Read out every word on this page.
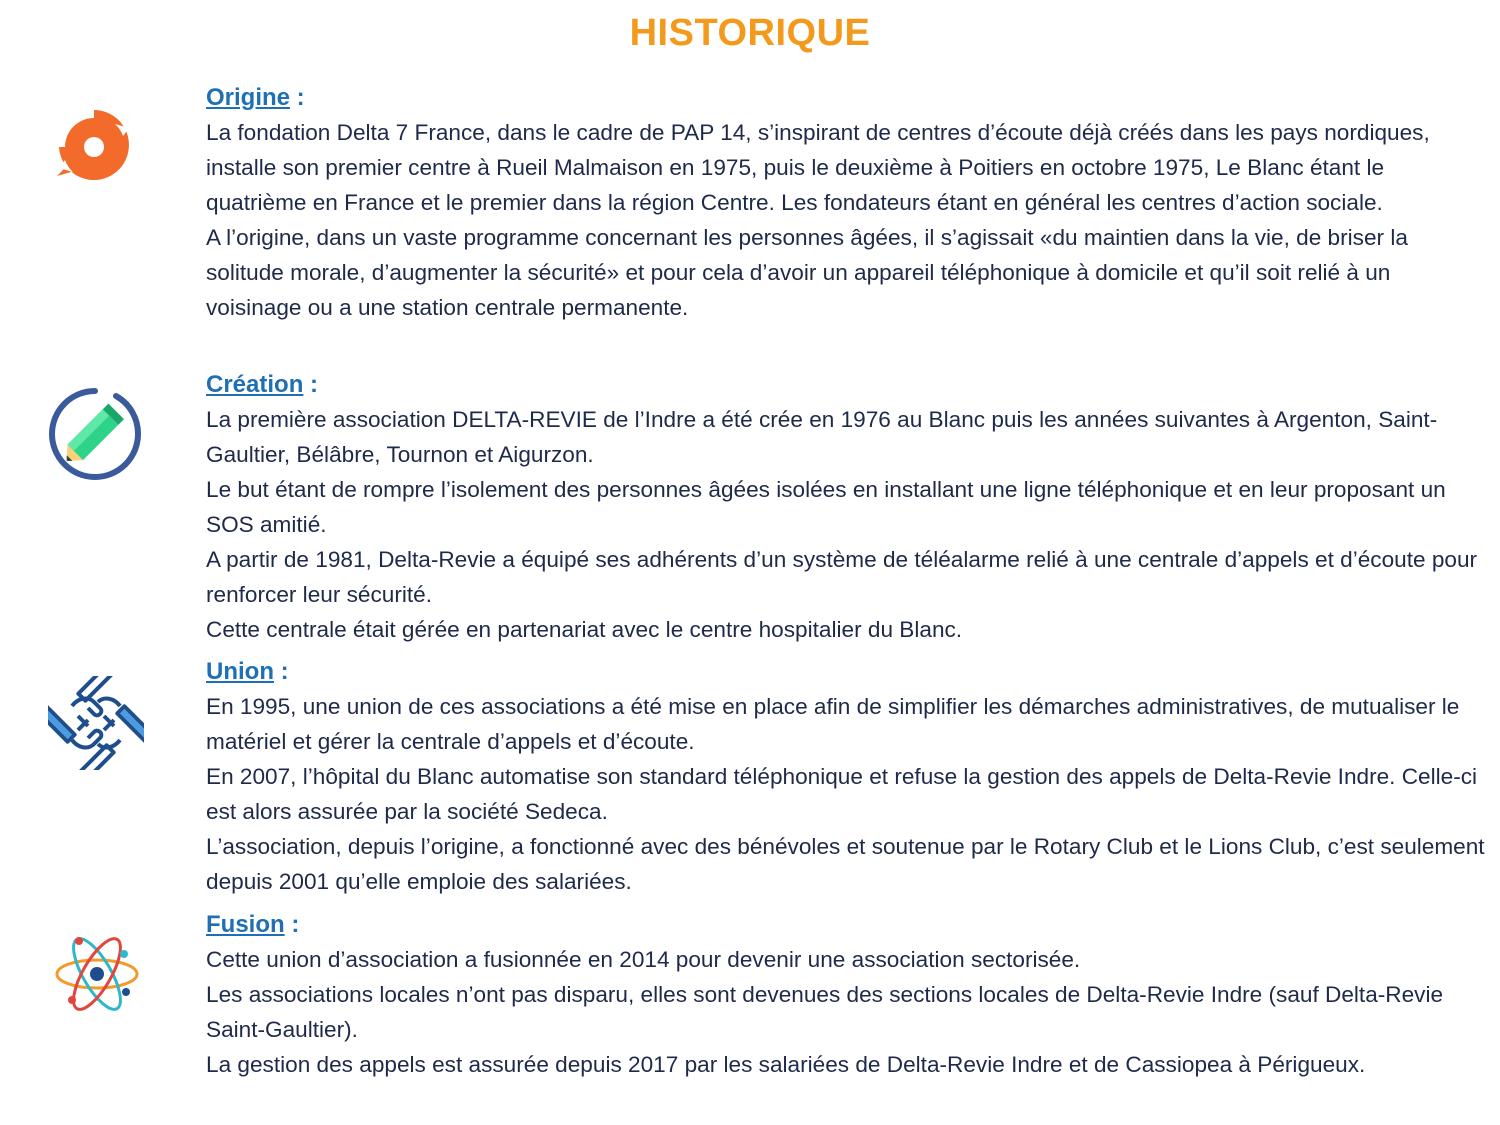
HISTORIQUE
Origine :

La fondation Delta 7 France, dans le cadre de PAP 14, s’inspirant de centres d’écoute déjà créés dans les pays nordiques, installe son premier centre à Rueil Malmaison en 1975, puis le deuxième à Poitiers en octobre 1975, Le Blanc étant le quatrième en France et le premier dans la région Centre. Les fondateurs étant en général les centres d’action sociale.

A l’origine, dans un vaste programme concernant les personnes âgées, il s’agissait «du maintien dans la vie, de briser la solitude morale, d’augmenter la sécurité» et pour cela d’avoir un appareil téléphonique à domicile et qu’il soit relié à un voisinage ou a une station centrale permanente.

Création :

La première association DELTA-REVIE de l’Indre a été crée en 1976 au Blanc puis les années suivantes à Argenton, Saint-Gaultier, Bélâbre, Tournon et Aigurzon.

Le but étant de rompre l’isolement des personnes âgées isolées en installant une ligne téléphonique et en leur proposant un SOS amitié.

A partir de 1981, Delta-Revie a équipé ses adhérents d’un système de téléalarme relié à une centrale d’appels et d’écoute pour renforcer leur sécurité.

Cette centrale était gérée en partenariat avec le centre hospitalier du Blanc.

Union :

En 1995, une union de ces associations a été mise en place afin de simplifier les démarches administratives, de mutualiser le matériel et gérer la centrale d’appels et d’écoute.

En 2007, l’hôpital du Blanc automatise son standard téléphonique et refuse la gestion des appels de Delta-Revie Indre. Celle-ci est alors assurée par la société Sedeca.

L’association, depuis l’origine, a fonctionné avec des bénévoles et soutenue par le Rotary Club et le Lions Club, c’est seulement depuis 2001 qu’elle emploie des salariées.

Fusion :

Cette union d’association a fusionnée en 2014 pour devenir une association sectorisée.

Les associations locales n’ont pas disparu, elles sont devenues des sections locales de Delta-Revie Indre (sauf Delta-Revie Saint-Gaultier).

La gestion des appels est assurée depuis 2017 par les salariées de Delta-Revie Indre et de Cassiopea à Périgueux.
